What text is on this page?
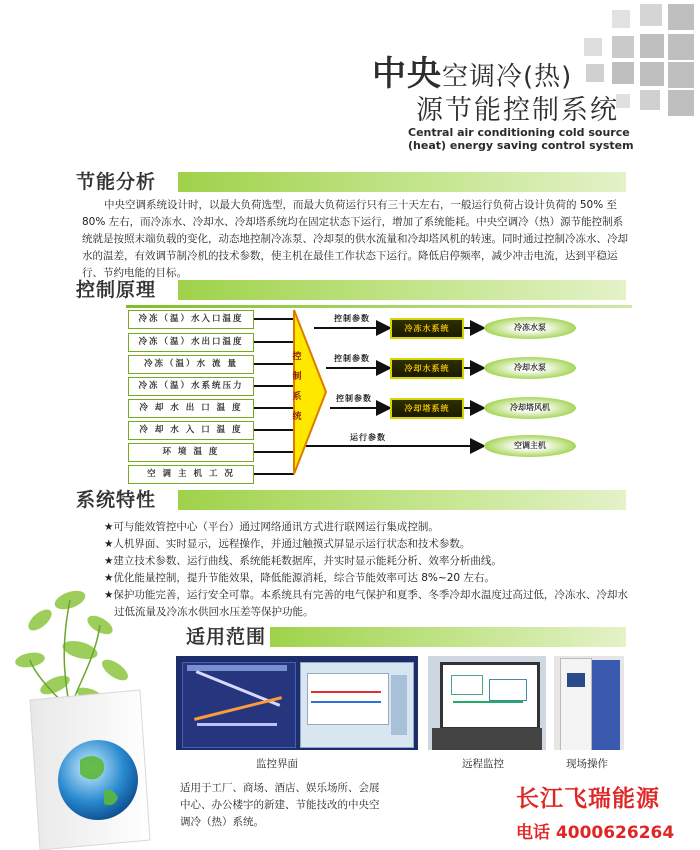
中央空调冷(热)
源节能控制系统
Central air conditioning cold source
(heat) energy saving control system
节能分析
中央空调系统设计时，以最大负荷选型，而最大负荷运行只有三十天左右，一般运行负荷占设计负荷的 50% 至 80% 左右，而冷冻水、冷却水、冷却塔系统均在固定状态下运行，增加了系统能耗。中央空调冷（热）源节能控制系统就是按照末端负载的变化，动态地控制冷冻泵、冷却泵的供水流量和冷却塔风机的转速。同时通过控制冷冻水、冷却水的温差，有效调节制冷机的技术参数，使主机在最佳工作状态下运行。降低启停频率，减少冲击电流，达到平稳运行、节约电能的目标。
控制原理
冷冻（温）水入口温度
冷冻（温）水出口温度
冷冻（温）水 流 量
冷冻（温）水系统压力
冷 却 水 出 口 温 度
冷 却 水 入 口 温 度
环 境 温 度
空 调 主 机 工 况
控
制
系
统
控制参数
控制参数
控制参数
运行参数
冷冻水系统
冷却水系统
冷却塔系统
冷冻水泵
冷却水泵
冷却塔风机
空调主机
系统特性
★可与能效管控中心（平台）通过网络通讯方式进行联网运行集成控制。
★人机界面、实时显示，远程操作，并通过触摸式屏显示运行状态和技术参数。
★建立技术参数、运行曲线、系统能耗数据库，并实时显示能耗分析、效率分析曲线。
★优化能量控制，提升节能效果，降低能源消耗，综合节能效率可达 8%~20 左右。
★保护功能完善，运行安全可靠。本系统具有完善的电气保护和夏季、冬季冷却水温度过高过低，冷冻水、冷却水过低流量及冷冻水供回水压差等保护功能。
适用范围
监控界面	远程监控	现场操作
适用于工厂、商场、酒店、娱乐场所、会展中心、办公楼宇的新建、节能技改的中央空调冷（热）系统。
长江飞瑞能源
电话 4000626264
